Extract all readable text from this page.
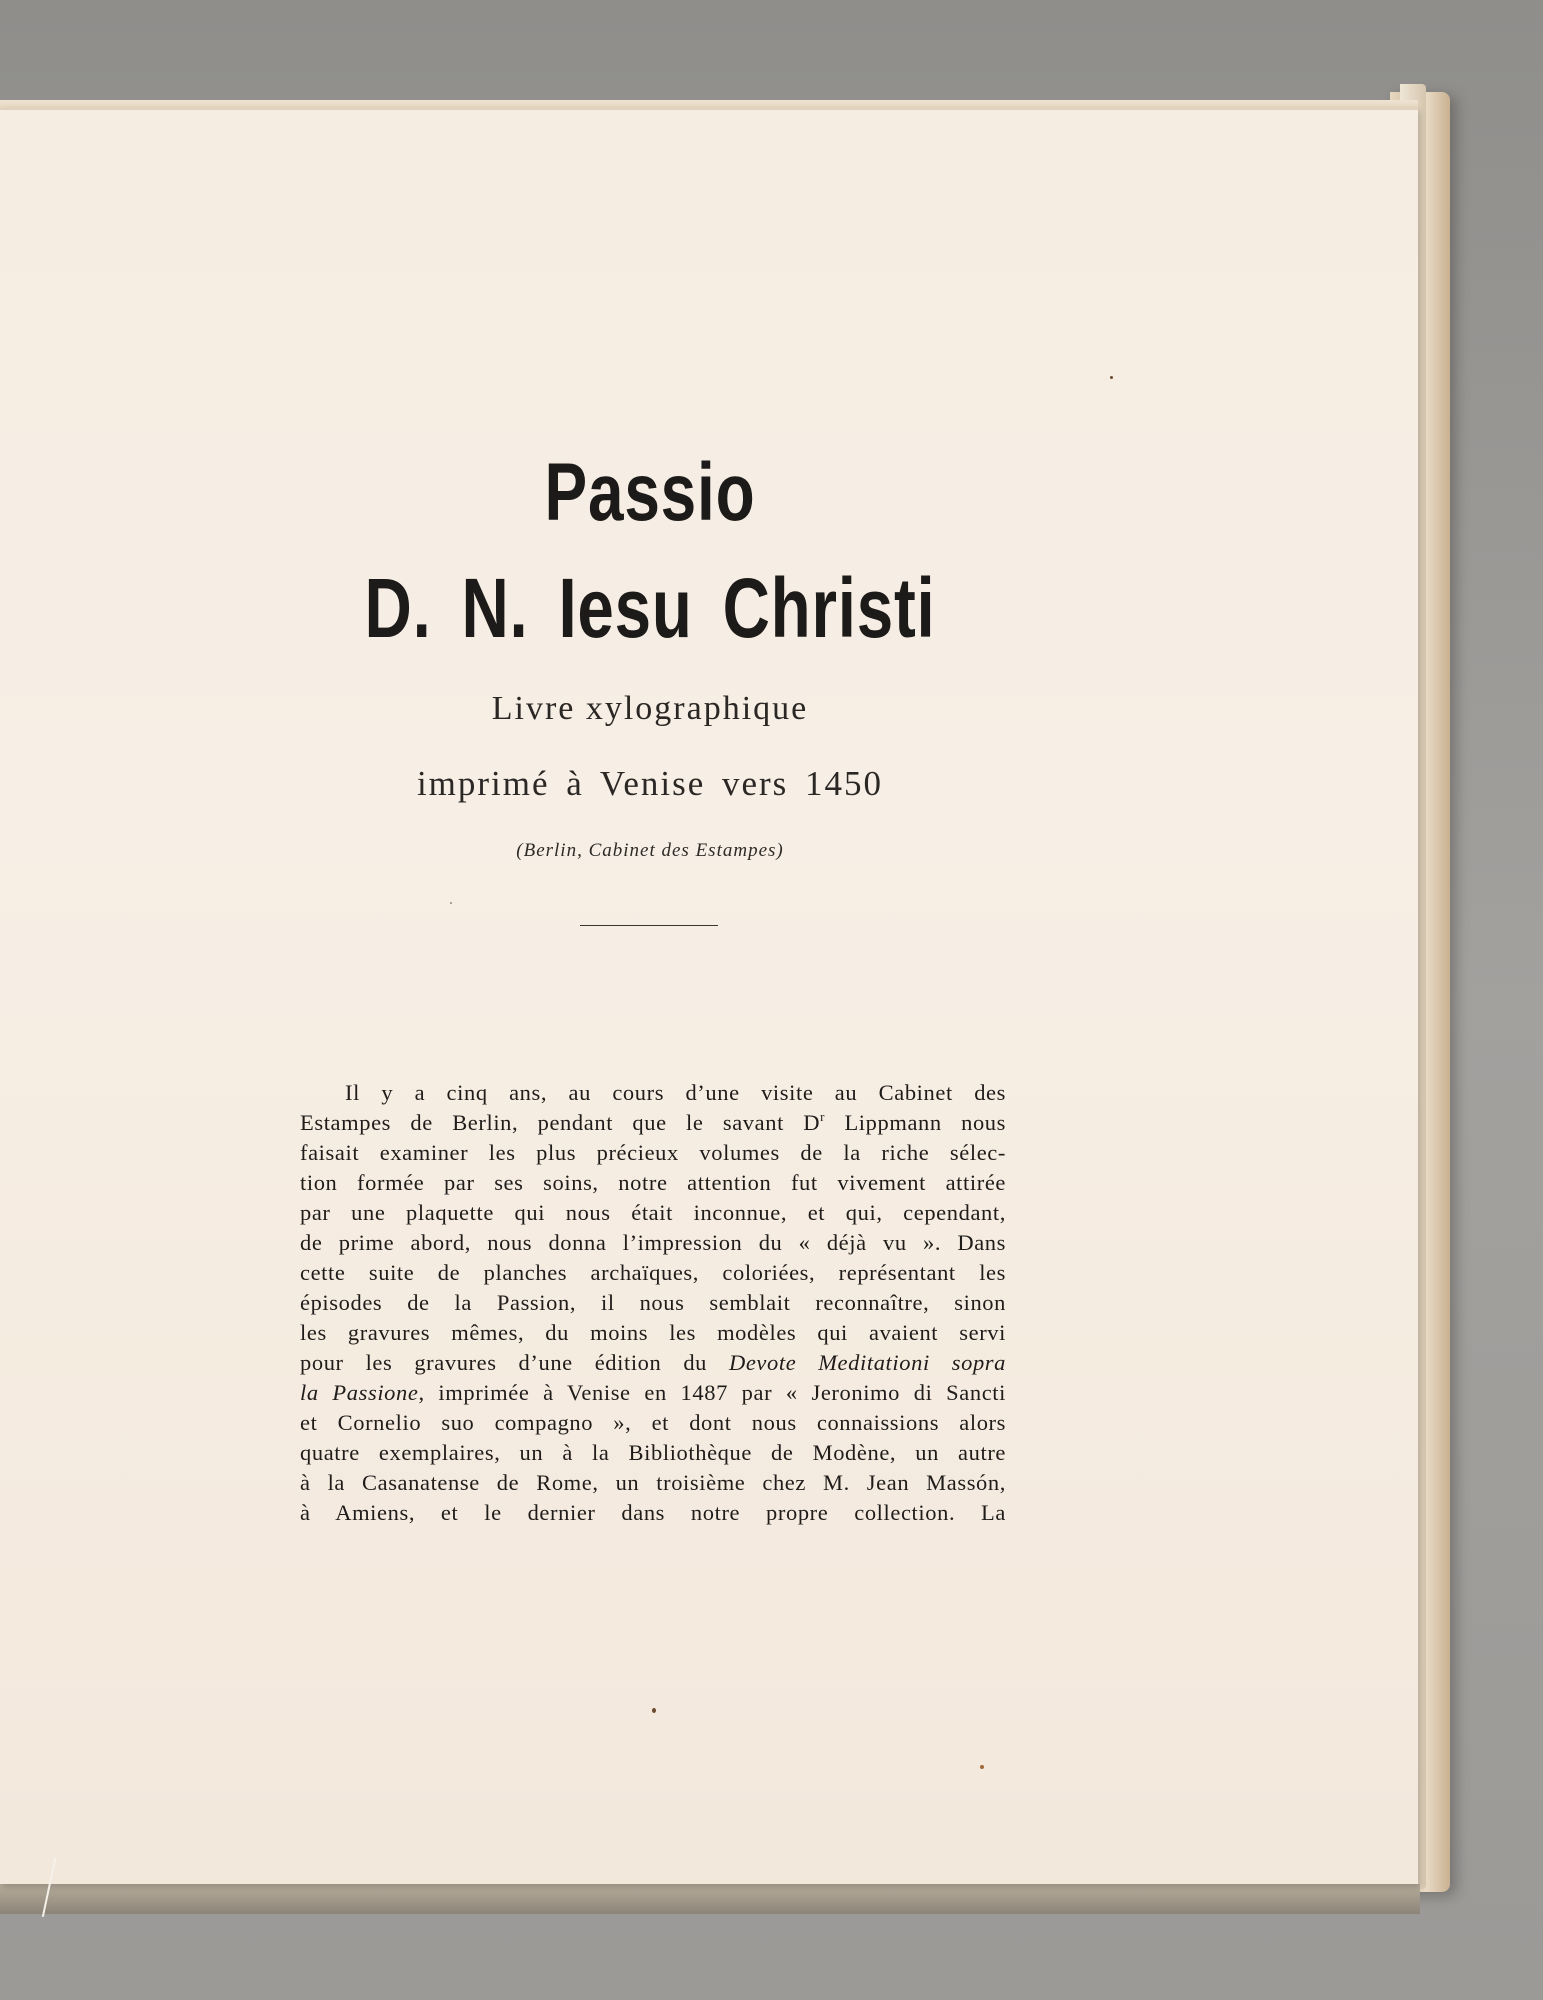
Passio
D. N. Iesu Christi

Livre xylographique

imprimé à Venise vers 1450

(Berlin, Cabinet des Estampes)

Il y a cinq ans, au cours d’une visite au Cabinet des
Estampes de Berlin, pendant que le savant $D^r$ Lippmann nous
faisait examiner les plus précieux volumes de la riche sélec-
tion formée par ses soins, notre attention fut vivement attirée
par une plaquette qui nous était inconnue, et qui, cependant,
de prime abord, nous donna l’impression du « déjà vu ». Dans
cette suite de planches archaïques, coloriées, représentant les
épisodes de la Passion, il nous semblait reconnaître, sinon
les gravures mêmes, du moins les modèles qui avaient servi
pour les gravures d’une édition du Devote Meditationi sopra
la Passione, imprimée à Venise en 1487 par « Jeronimo di Sancti
et Cornelio suo compagno », et dont nous connaissions alors
quatre exemplaires, un à la Bibliothèque de Modène, un autre
à la Casanatense de Rome, un troisième chez M. Jean Massón,
à Amiens, et le dernier dans notre propre collection. La
